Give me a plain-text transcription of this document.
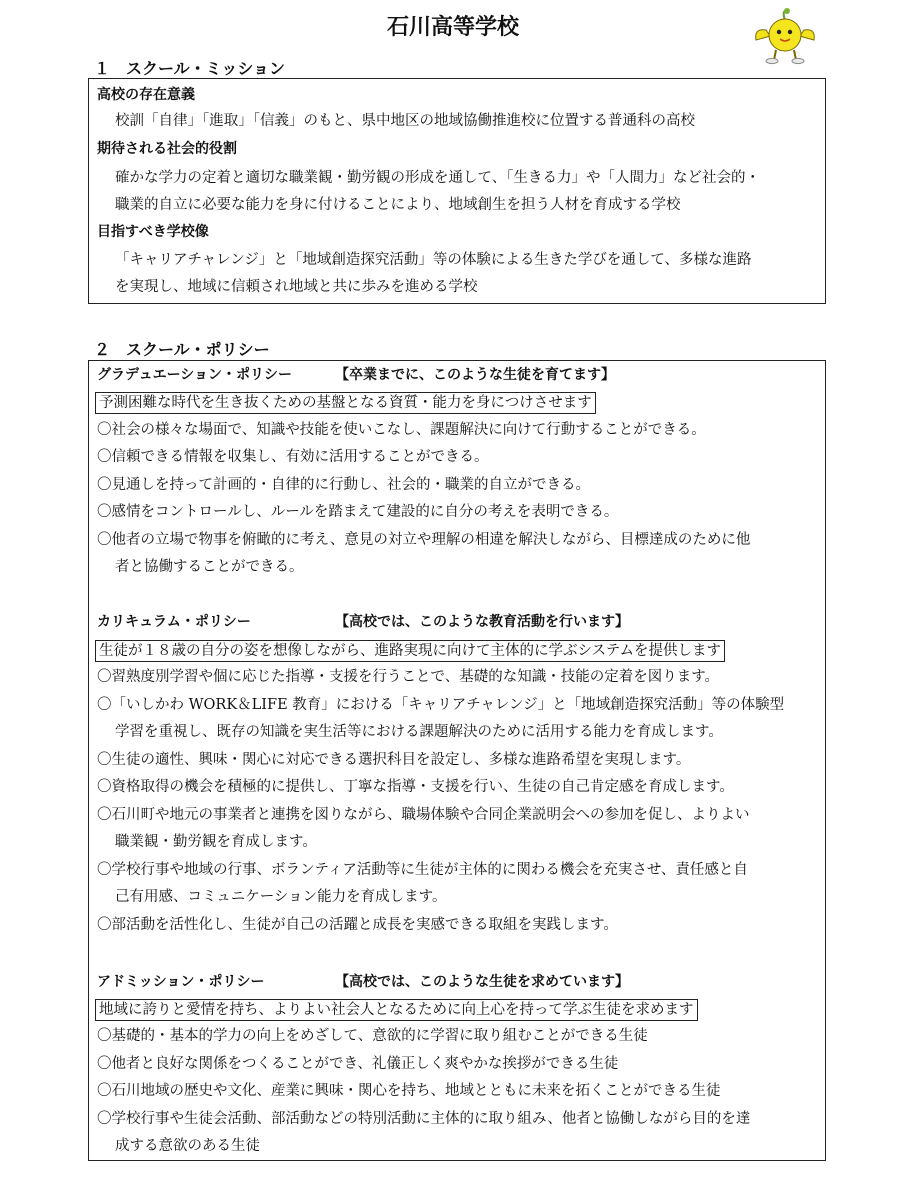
石川高等学校
１　スクール・ミッション
高校の存在意義
校訓「自律」「進取」「信義」のもと、県中地区の地域協働推進校に位置する普通科の高校
期待される社会的役割
確かな学力の定着と適切な職業観・勤労観の形成を通して、「生きる力」や「人間力」など社会的・
職業的自立に必要な能力を身に付けることにより、地域創生を担う人材を育成する学校
目指すべき学校像
「キャリアチャレンジ」と「地域創造探究活動」等の体験による生きた学びを通して、多様な進路
を実現し、地域に信頼され地域と共に歩みを進める学校
２　スクール・ポリシー
グラデュエーション・ポリシー	【卒業までに、このような生徒を育てます】
予測困難な時代を生き抜くための基盤となる資質・能力を身につけさせます
〇社会の様々な場面で、知識や技能を使いこなし、課題解決に向けて行動することができる。
〇信頼できる情報を収集し、有効に活用することができる。
〇見通しを持って計画的・自律的に行動し、社会的・職業的自立ができる。
〇感情をコントロールし、ルールを踏まえて建設的に自分の考えを表明できる。
〇他者の立場で物事を俯瞰的に考え、意見の対立や理解の相違を解決しながら、目標達成のために他
者と協働することができる。
カリキュラム・ポリシー	【高校では、このような教育活動を行います】
生徒が１８歳の自分の姿を想像しながら、進路実現に向けて主体的に学ぶシステムを提供します
〇習熟度別学習や個に応じた指導・支援を行うことで、基礎的な知識・技能の定着を図ります。
〇「いしかわ WORK＆LIFE 教育」における「キャリアチャレンジ」と「地域創造探究活動」等の体験型
学習を重視し、既存の知識を実生活等における課題解決のために活用する能力を育成します。
〇生徒の適性、興味・関心に対応できる選択科目を設定し、多様な進路希望を実現します。
〇資格取得の機会を積極的に提供し、丁寧な指導・支援を行い、生徒の自己肯定感を育成します。
〇石川町や地元の事業者と連携を図りながら、職場体験や合同企業説明会への参加を促し、よりよい
職業観・勤労観を育成します。
〇学校行事や地域の行事、ボランティア活動等に生徒が主体的に関わる機会を充実させ、責任感と自
己有用感、コミュニケーション能力を育成します。
〇部活動を活性化し、生徒が自己の活躍と成長を実感できる取組を実践します。
アドミッション・ポリシー	【高校では、このような生徒を求めています】
地域に誇りと愛情を持ち、よりよい社会人となるために向上心を持って学ぶ生徒を求めます
〇基礎的・基本的学力の向上をめざして、意欲的に学習に取り組むことができる生徒
〇他者と良好な関係をつくることができ、礼儀正しく爽やかな挨拶ができる生徒
〇石川地域の歴史や文化、産業に興味・関心を持ち、地域とともに未来を拓くことができる生徒
〇学校行事や生徒会活動、部活動などの特別活動に主体的に取り組み、他者と協働しながら目的を達
成する意欲のある生徒
